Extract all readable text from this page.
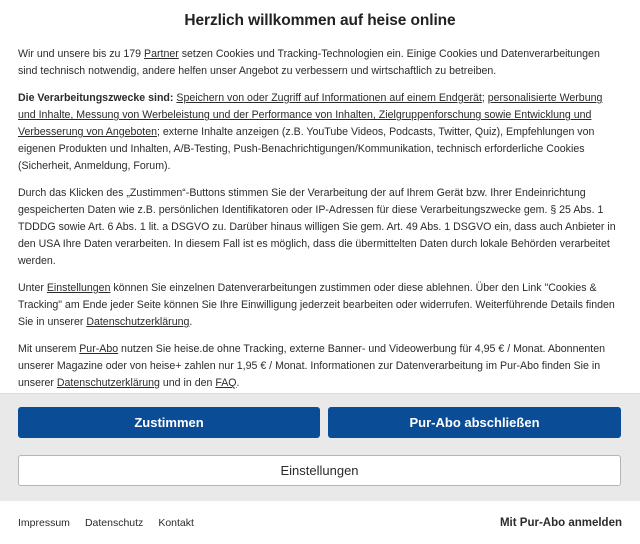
Herzlich willkommen auf heise online

Wir und unsere bis zu 179 Partner setzen Cookies und Tracking-Technologien ein. Einige Cookies und Datenverarbeitungen sind technisch notwendig, andere helfen unser Angebot zu verbessern und wirtschaftlich zu betreiben.

Die Verarbeitungszwecke sind: Speichern von oder Zugriff auf Informationen auf einem Endgerät; personalisierte Werbung und Inhalte, Messung von Werbeleistung und der Performance von Inhalten, Zielgruppenforschung sowie Entwicklung und Verbesserung von Angeboten; externe Inhalte anzeigen (z.B. YouTube Videos, Podcasts, Twitter, Quiz), Empfehlungen von eigenen Produkten und Inhalten, A/B-Testing, Push-Benachrichtigungen/Kommunikation, technisch erforderliche Cookies (Sicherheit, Anmeldung, Forum).

Durch das Klicken des „Zustimmen“-Buttons stimmen Sie der Verarbeitung der auf Ihrem Gerät bzw. Ihrer Endeinrichtung gespeicherten Daten wie z.B. persönlichen Identifikatoren oder IP-Adressen für diese Verarbeitungszwecke gem. § 25 Abs. 1 TDDDG sowie Art. 6 Abs. 1 lit. a DSGVO zu. Darüber hinaus willigen Sie gem. Art. 49 Abs. 1 DSGVO ein, dass auch Anbieter in den USA Ihre Daten verarbeiten. In diesem Fall ist es möglich, dass die übermittelten Daten durch lokale Behörden verarbeitet werden.

Unter Einstellungen können Sie einzelnen Datenverarbeitungen zustimmen oder diese ablehnen. Über den Link "Cookies & Tracking" am Ende jeder Seite können Sie Ihre Einwilligung jederzeit bearbeiten oder widerrufen. Weiterführende Details finden Sie in unserer Datenschutzerklärung.

Mit unserem Pur-Abo nutzen Sie heise.de ohne Tracking, externe Banner- und Videowerbung für 4,95 € / Monat. Abonnenten unserer Magazine oder von heise+ zahlen nur 1,95 € / Monat. Informationen zur Datenverarbeitung im Pur-Abo finden Sie in unserer Datenschutzerklärung und in den FAQ.

Zustimmen	Pur-Abo abschließen
Einstellungen
Impressum Datenschutz Kontakt	Mit Pur-Abo anmelden
